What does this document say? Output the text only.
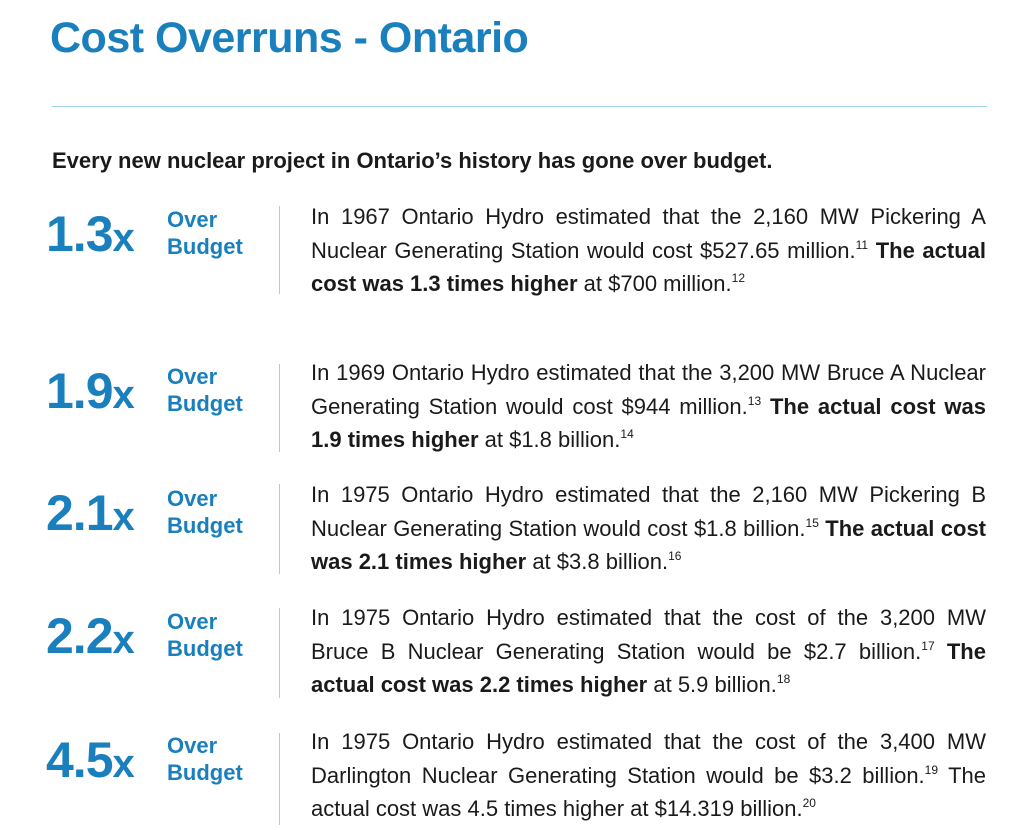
Cost Overruns - Ontario
Every new nuclear project in Ontario’s history has gone over budget.
1.3x Over
Budget
In 1967 Ontario Hydro estimated that the 2,160 MW Pickering A Nuclear Generating Station would cost $527.65 million.$^{11}$ The actual cost was 1.3 times higher at $700 million.$^{12}$
1.9x Over
Budget
In 1969 Ontario Hydro estimated that the 3,200 MW Bruce A Nuclear Generating Station would cost $944 million.$^{13}$ The actual cost was 1.9 times higher at $1.8 billion.$^{14}$
2.1x Over
Budget
In 1975 Ontario Hydro estimated that the 2,160 MW Pickering B Nuclear Generating Station would cost $1.8 billion.$^{15}$ The actual cost was 2.1 times higher at $3.8 billion.$^{16}$
2.2x Over
Budget
In 1975 Ontario Hydro estimated that the cost of the 3,200 MW Bruce B Nuclear Generating Station would be $2.7 billion.$^{17}$ The actual cost was 2.2 times higher at 5.9 billion.$^{18}$
4.5x Over
Budget
In 1975 Ontario Hydro estimated that the cost of the 3,400 MW Darlington Nuclear Generating Station would be $3.2 billion.$^{19}$ The actual cost was 4.5 times higher at $14.319 billion.$^{20}$
